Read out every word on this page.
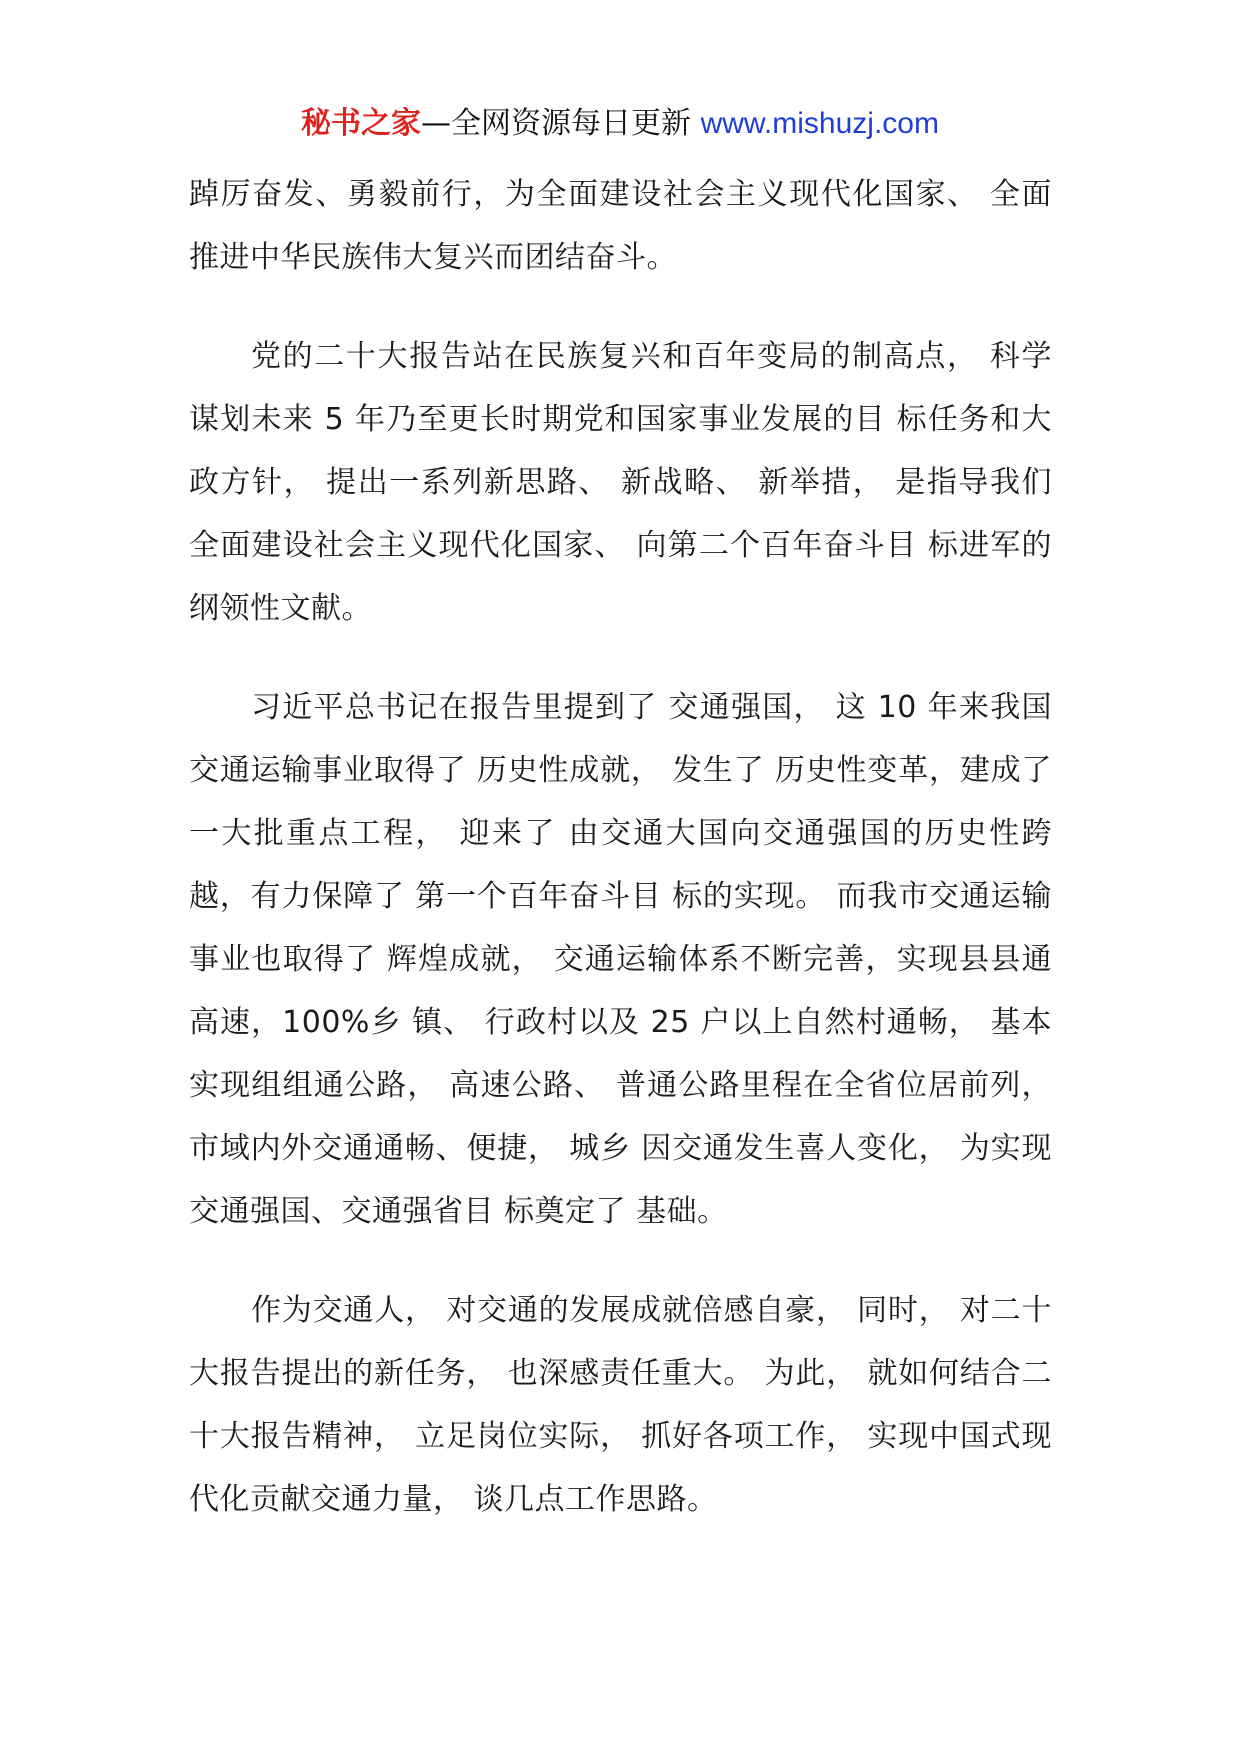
秘书之家—全网资源每日更新 www.mishuzj.com

踔厉奋发、勇毅前行，为全面建设社会主义现代化国家、 全面推进中华民族伟大复兴而团结奋斗。

党的二十大报告站在民族复兴和百年变局的制高点， 科学谋划未来 5 年乃至更长时期党和国家事业发展的目 标任务和大政方针， 提出一系列新思路、 新战略、 新举措， 是指导我们全面建设社会主义现代化国家、 向第二个百年奋斗目 标进军的纲领性文献。

习近平总书记在报告里提到了 交通强国， 这 10 年来我国交通运输事业取得了 历史性成就， 发生了 历史性变革，建成了一大批重点工程， 迎来了 由交通大国向交通强国的历史性跨越，有力保障了 第一个百年奋斗目 标的实现。 而我市交通运输事业也取得了 辉煌成就， 交通运输体系不断完善，实现县县通高速，100%乡 镇、 行政村以及 25 户以上自然村通畅， 基本实现组组通公路， 高速公路、 普通公路里程在全省位居前列， 市域内外交通通畅、便捷， 城乡 因交通发生喜人变化， 为实现交通强国、交通强省目 标奠定了 基础。

作为交通人， 对交通的发展成就倍感自豪， 同时， 对二十大报告提出的新任务， 也深感责任重大。 为此， 就如何结合二十大报告精神， 立足岗位实际， 抓好各项工作， 实现中国式现代化贡献交通力量， 谈几点工作思路。
